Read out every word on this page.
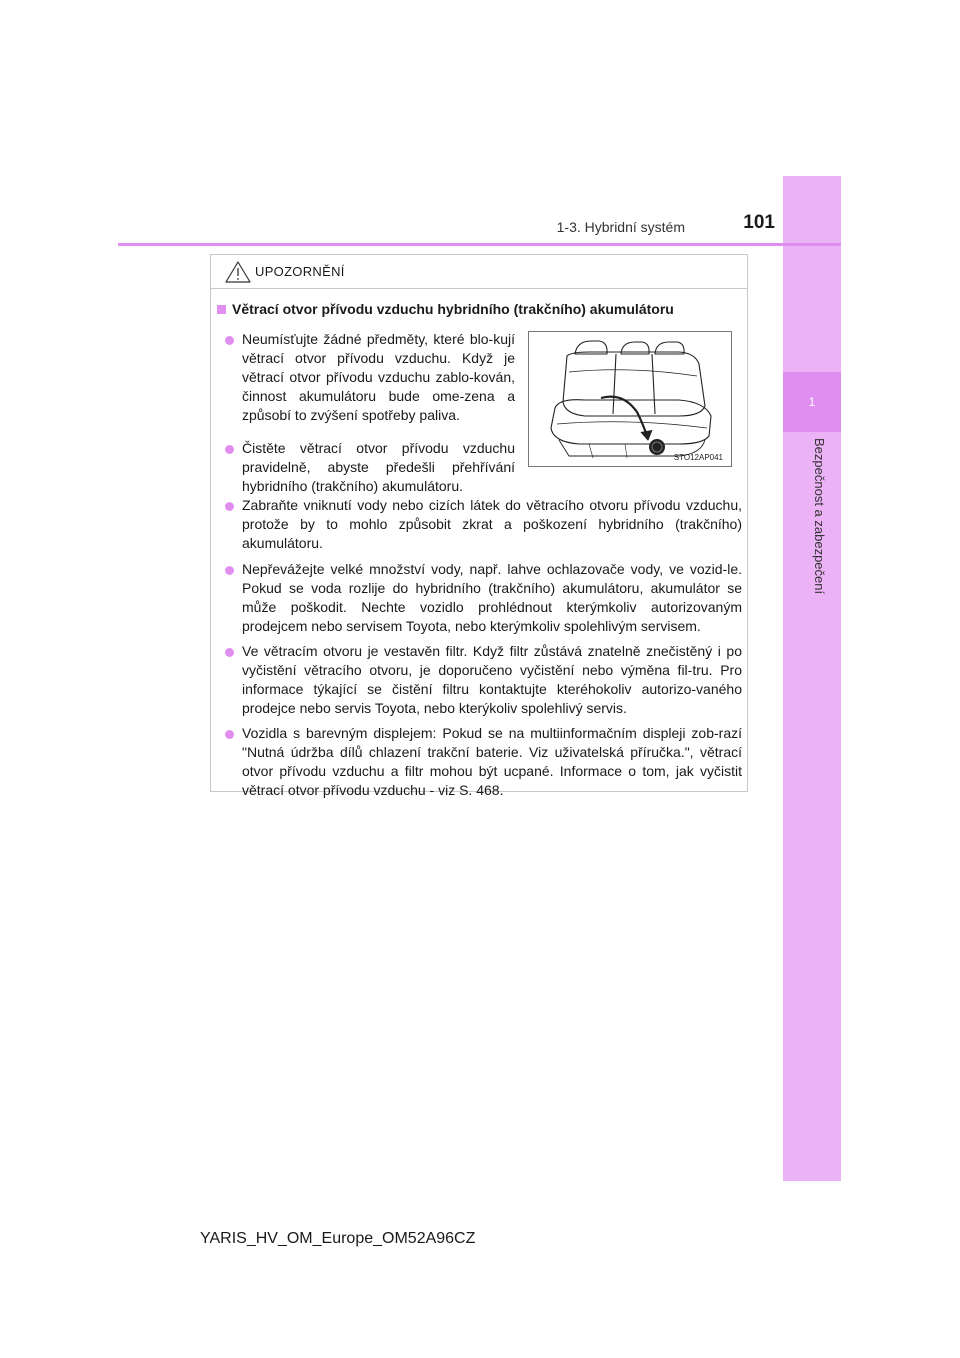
1
Bezpečnost a zabezpečení
1-3. Hybridní systém	101
UPOZORNĚNÍ
Větrací otvor přívodu vzduchu hybridního (trakčního) akumulátoru
Neumísťujte žádné předměty, které blo-kují větrací otvor přívodu vzduchu. Když je větrací otvor přívodu vzduchu zablo-kován, činnost akumulátoru bude ome-zena a způsobí to zvýšení spotřeby paliva.
Čistěte větrací otvor přívodu vzduchu pravidelně, abyste předešli přehřívání hybridního (trakčního) akumulátoru.
STO12AP041
Zabraňte vniknutí vody nebo cizích látek do větracího otvoru přívodu vzduchu, protože by to mohlo způsobit zkrat a poškození hybridního (trakčního) akumulátoru.
Nepřevážejte velké množství vody, např. lahve ochlazovače vody, ve vozid-le. Pokud se voda rozlije do hybridního (trakčního) akumulátoru, akumulátor se může poškodit. Nechte vozidlo prohlédnout kterýmkoliv autorizovaným prodejcem nebo servisem Toyota, nebo kterýmkoliv spolehlivým servisem.
Ve větracím otvoru je vestavěn filtr. Když filtr zůstává znatelně znečistěný i po vyčistění větracího otvoru, je doporučeno vyčistění nebo výměna fil-tru. Pro informace týkající se čistění filtru kontaktujte kteréhokoliv autorizo-vaného prodejce nebo servis Toyota, nebo kterýkoliv spolehlivý servis.
Vozidla s barevným displejem: Pokud se na multiinformačním displeji zob-razí "Nutná údržba dílů chlazení trakční baterie. Viz uživatelská příručka.", větrací otvor přívodu vzduchu a filtr mohou být ucpané. Informace o tom, jak vyčistit větrací otvor přívodu vzduchu - viz S. 468.
YARIS_HV_OM_Europe_OM52A96CZ
